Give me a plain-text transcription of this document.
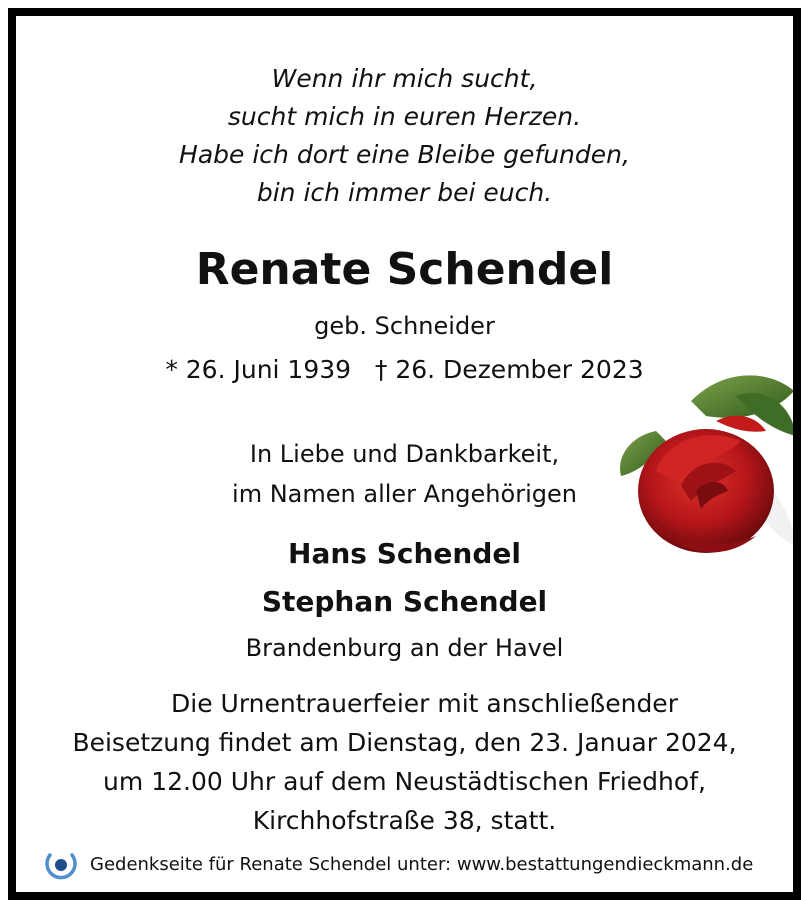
Wenn ihr mich sucht,
sucht mich in euren Herzen.
Habe ich dort eine Bleibe gefunden,
bin ich immer bei euch.
Renate Schendel
geb. Schneider
* 26. Juni 1939 † 26. Dezember 2023
In Liebe und Dankbarkeit,
im Namen aller Angehörigen
Hans Schendel
Stephan Schendel
Brandenburg an der Havel
Die Urnentrauerfeier mit anschließender
Beisetzung findet am Dienstag, den 23. Januar 2024,
um 12.00 Uhr auf dem Neustädtischen Friedhof,
Kirchhofstraße 38, statt.
Gedenkseite für Renate Schendel unter: www.bestattungendieckmann.de
